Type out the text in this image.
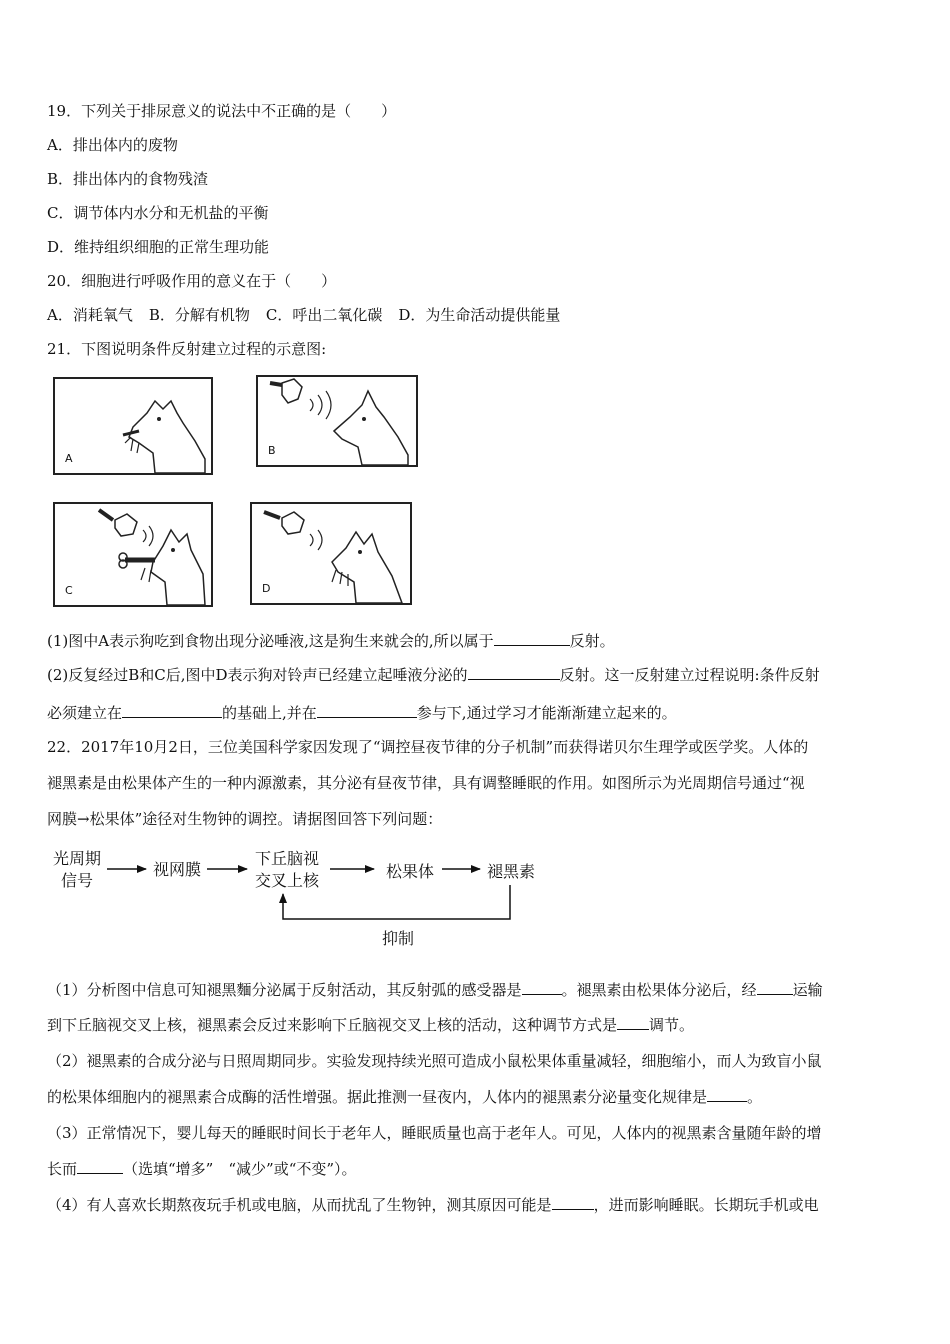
19．下列关于排尿意义的说法中不正确的是（　　）
A．排出体内的废物
B．排出体内的食物残渣
C．调节体内水分和无机盐的平衡
D．维持组织细胞的正常生理功能
20．细胞进行呼吸作用的意义在于（　　）
A．消耗氧气 B．分解有机物 C．呼出二氧化碳 D．为生命活动提供能量
21．下图说明条件反射建立过程的示意图:
A
B
C	D
(1)图中A表示狗吃到食物出现分泌唾液,这是狗生来就会的,所以属于	反射。
(2)反复经过B和C后,图中D表示狗对铃声已经建立起唾液分泌的	反射。这一反射建立过程说明:条件反射
必须建立在	的基础上,并在	参与下,通过学习才能渐渐建立起来的。
22．2017年10月2日，三位美国科学家因发现了“调控昼夜节律的分子机制”而获得诺贝尔生理学或医学奖。人体的
褪黑素是由松果体产生的一种内源激素，其分泌有昼夜节律，具有调整睡眠的作用。如图所示为光周期信号通过“视
网膜→松果体”途径对生物钟的调控。请据图回答下列问题：
光周期
信号
视网膜
下丘脑视
交叉上核	松果体	褪黑素
抑制
（1）分析图中信息可知褪黑麵分泌属于反射活动，其反射弧的感受器是	。褪黑素由松果体分泌后，经 运输
到下丘脑视交叉上核，褪黑素会反过来影响下丘脑视交叉上核的活动，这种调节方式是 调节。
（2）褪黑素的合成分泌与日照周期同步。实验发现持续光照可造成小鼠松果体重量减轻，细胞缩小，而人为致盲小鼠
的松果体细胞内的褪黑素合成酶的活性增强。据此推测一昼夜内，人体内的褪黑素分泌量变化规律是	。
（3）正常情况下，婴儿每天的睡眠时间长于老年人，睡眠质量也高于老年人。可见，人体内的视黑素含量随年龄的增
长而	（选填“增多”　“减少”或“不变”）。
（4）有人喜欢长期熬夜玩手机或电脑，从而扰乱了生物钟，测其原因可能是	，进而影响睡眠。长期玩手机或电
